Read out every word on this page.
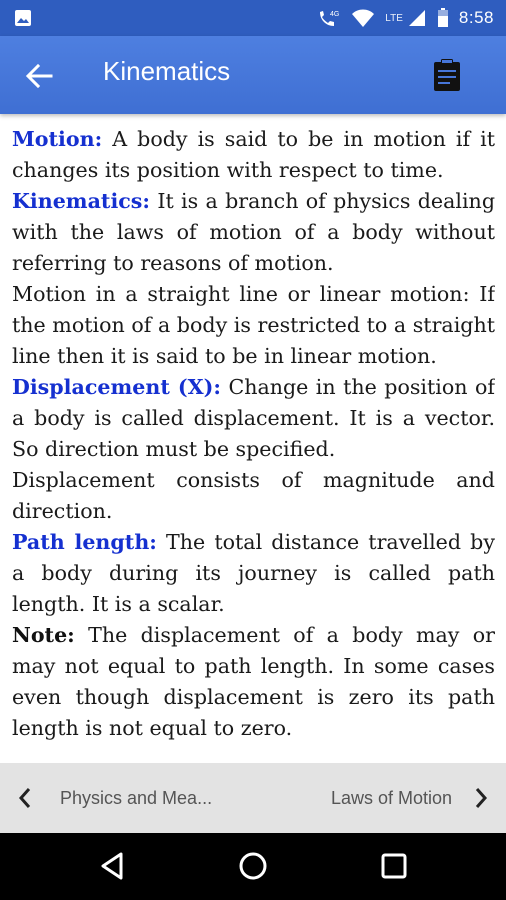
4G	LTE	8:58
Kinematics

Motion: A body is said to be in motion if it changes its position with respect to time.

Kinematics: It is a branch of physics dealing with the laws of motion of a body without referring to reasons of motion.

Motion in a straight line or linear motion: If the motion of a body is restricted to a straight line then it is said to be in linear motion.

Displacement (X): Change in the position of a body is called displacement. It is a vector. So direction must be specified.

Displacement consists of magnitude and direction.

Path length: The total distance travelled by a body during its journey is called path length. It is a scalar.

Note: The displacement of a body may or may not equal to path length. In some cases even though displacement is zero its path length is not equal to zero.

Physics and Mea...	Laws of Motion
